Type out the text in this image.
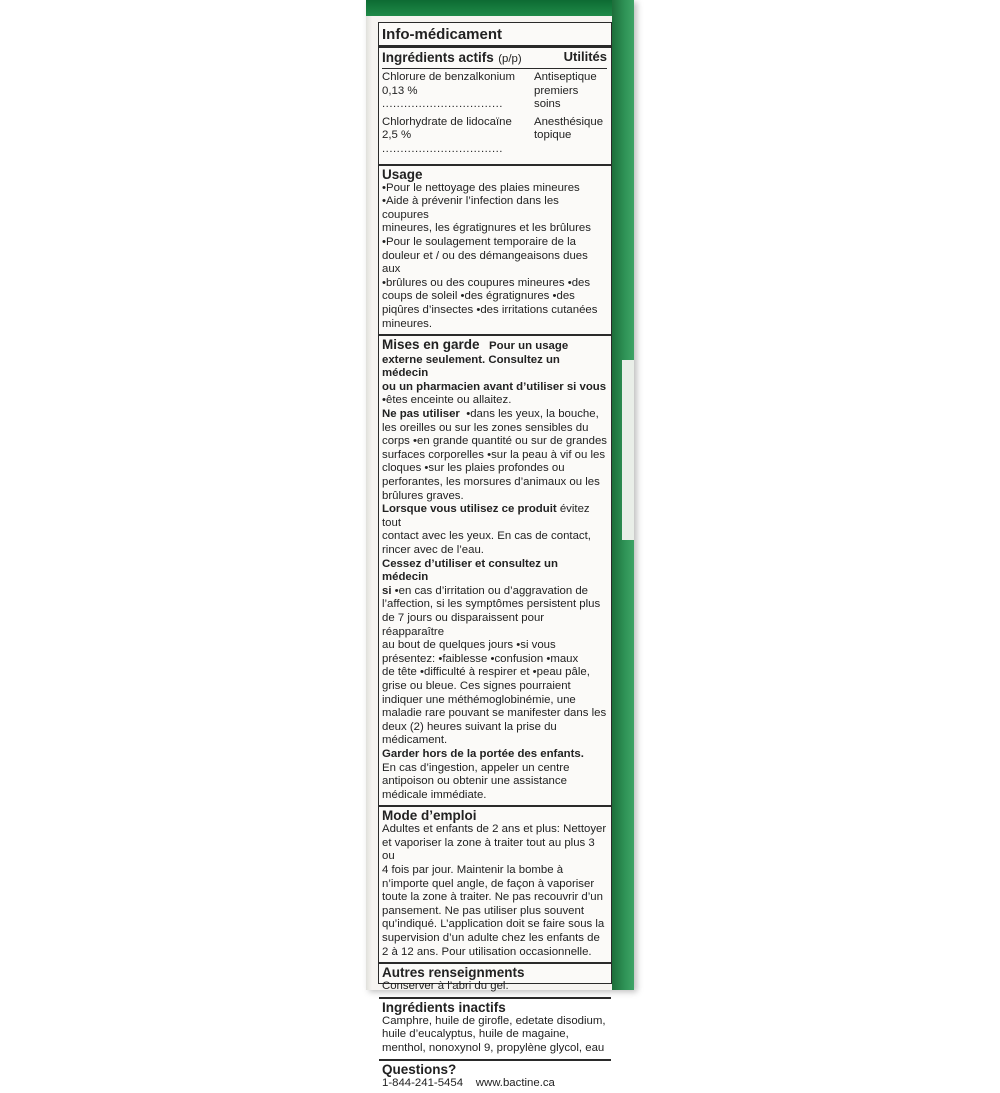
Info-médicament
Ingrédients actifs (p/p)	Utilités
Chlorure de benzalkonium
0,13 % .................................
Antiseptique
premiers soins
Chlorhydrate de lidocaïne
2,5 % .................................
Anesthésique
topique
Usage
•Pour le nettoyage des plaies mineures
•Aide à prévenir l’infection dans les coupures
mineures, les égratignures et les brûlures
•Pour le soulagement temporaire de la
douleur et / ou des démangeaisons dues aux
•brûlures ou des coupures mineures •des
coups de soleil •des égratignures •des
piqûres d’insectes •des irritations cutanées
mineures.
Mises en garde Pour un usage
externe seulement. Consultez un médecin
ou un pharmacien avant d’utiliser si vous
•êtes enceinte ou allaitez.
Ne pas utiliser •dans les yeux, la bouche,
les oreilles ou sur les zones sensibles du
corps •en grande quantité ou sur de grandes
surfaces corporelles •sur la peau à vif ou les
cloques •sur les plaies profondes ou
perforantes, les morsures d’animaux ou les
brûlures graves.
Lorsque vous utilisez ce produit évitez tout
contact avec les yeux. En cas de contact,
rincer avec de l’eau.
Cessez d’utiliser et consultez un médecin
si •en cas d’irritation ou d’aggravation de
l’affection, si les symptômes persistent plus
de 7 jours ou disparaissent pour réapparaître
au bout de quelques jours •si vous
présentez: •faiblesse •confusion •maux
de tête •difficulté à respirer et •peau pâle,
grise ou bleue. Ces signes pourraient
indiquer une méthémoglobinémie, une
maladie rare pouvant se manifester dans les
deux (2) heures suivant la prise du
médicament.
Garder hors de la portée des enfants.
En cas d’ingestion, appeler un centre
antipoison ou obtenir une assistance
médicale immédiate.
Mode d’emploi
Adultes et enfants de 2 ans et plus: Nettoyer
et vaporiser la zone à traiter tout au plus 3 ou
4 fois par jour. Maintenir la bombe à
n’importe quel angle, de façon à vaporiser
toute la zone à traiter. Ne pas recouvrir d’un
pansement. Ne pas utiliser plus souvent
qu’indiqué. L’application doit se faire sous la
supervision d’un adulte chez les enfants de
2 à 12 ans. Pour utilisation occasionnelle.
Autres renseignments
Conserver à l’abri du gel.
Ingrédients inactifs
Camphre, huile de girofle, edetate disodium,
huile d’eucalyptus, huile de magaine,
menthol, nonoxynol 9, propylène glycol, eau
Questions?
1-844-241-5454 www.bactine.ca
